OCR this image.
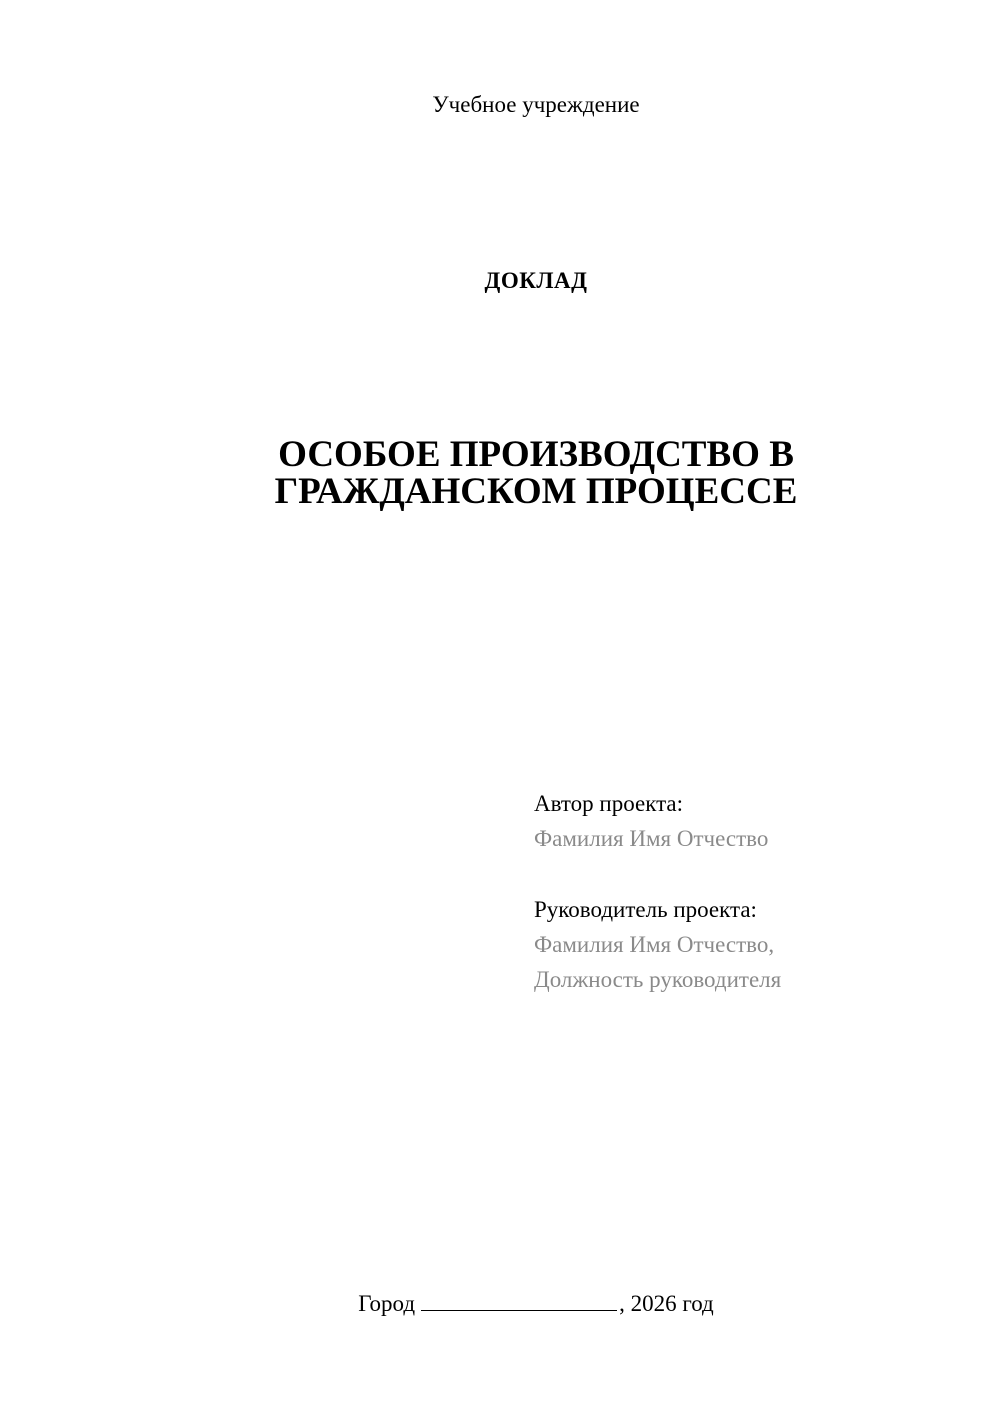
Учебное учреждение
ДОКЛАД
ОСОБОЕ ПРОИЗВОДСТВО В
ГРАЖДАНСКОМ ПРОЦЕССЕ
Автор проекта:
Фамилия Имя Отчество
Руководитель проекта:
Фамилия Имя Отчество,
Должность руководителя
Город	, 2026 год
